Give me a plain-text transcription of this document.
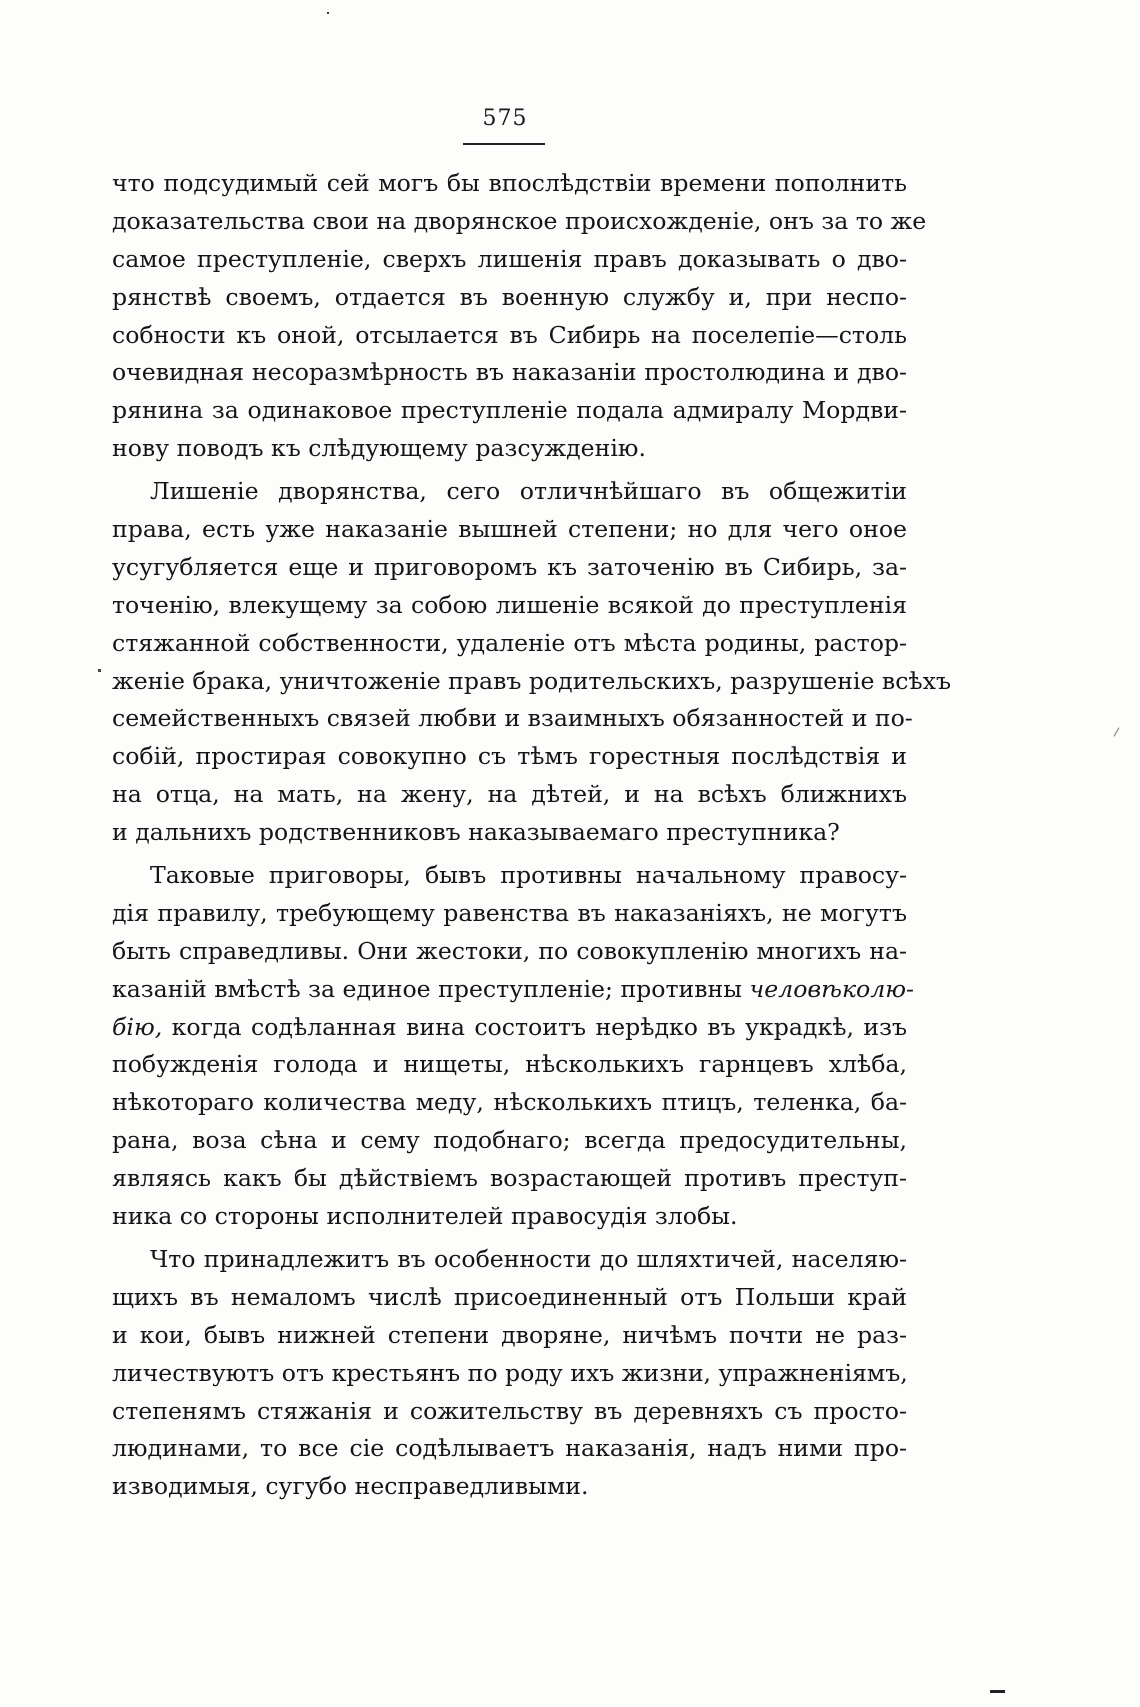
575
что подсудимый сей могъ бы впослѣдствіи времени пополнить
доказательства свои на дворянское происхожденіе, онъ за то же
самое преступленіе, сверхъ лишенія правъ доказывать о дво-
рянствѣ своемъ, отдается въ военную службу и, при неспо-
собности къ оной, отсылается въ Сибирь на поселепіе—столь
очевидная несоразмѣрность въ наказаніи простолюдина и дво-
рянина за одинаковое преступленіе подала адмиралу Мордви-
нову поводъ къ слѣдующему разсужденію.
Лишеніе дворянства, сего отличнѣйшаго въ общежитіи
права, есть уже наказаніе вышней степени; но для чего оное
усугубляется еще и приговоромъ къ заточенію въ Сибирь, за-
точенію, влекущему за собою лишеніе всякой до преступленія
стяжанной собственности, удаленіе отъ мѣста родины, растор-
женіе брака, уничтоженіе правъ родительскихъ, разрушеніе всѣхъ
семейственныхъ связей любви и взаимныхъ обязанностей и по-
собій, простирая совокупно съ тѣмъ горестныя послѣдствія и
на отца, на мать, на жену, на дѣтей, и на всѣхъ ближнихъ
и дальнихъ родственниковъ наказываемаго преступника?
Таковые приговоры, бывъ противны начальному правосу-
дія правилу, требующему равенства въ наказаніяхъ, не могутъ
быть справедливы. Они жестоки, по совокупленію многихъ на-
казаній вмѣстѣ за единое преступленіе; противны человѣколю-
бію, когда содѣланная вина состоитъ нерѣдко въ украдкѣ, изъ
побужденія голода и нищеты, нѣсколькихъ гарнцевъ хлѣба,
нѣкотораго количества меду, нѣсколькихъ птицъ, теленка, ба-
рана, воза сѣна и сему подобнаго; всегда предосудительны,
являясь какъ бы дѣйствіемъ возрастающей противъ преступ-
ника со стороны исполнителей правосудія злобы.
Что принадлежитъ въ особенности до шляхтичей, населяю-
щихъ въ немаломъ числѣ присоединенный отъ Польши край
и кои, бывъ нижней степени дворяне, ничѣмъ почти не раз-
личествуютъ отъ крестьянъ по роду ихъ жизни, упражненіямъ,
степенямъ стяжанія и сожительству въ деревняхъ съ просто-
людинами, то все сіе содѣлываетъ наказанія, надъ ними про-
изводимыя, сугубо несправедливыми.
